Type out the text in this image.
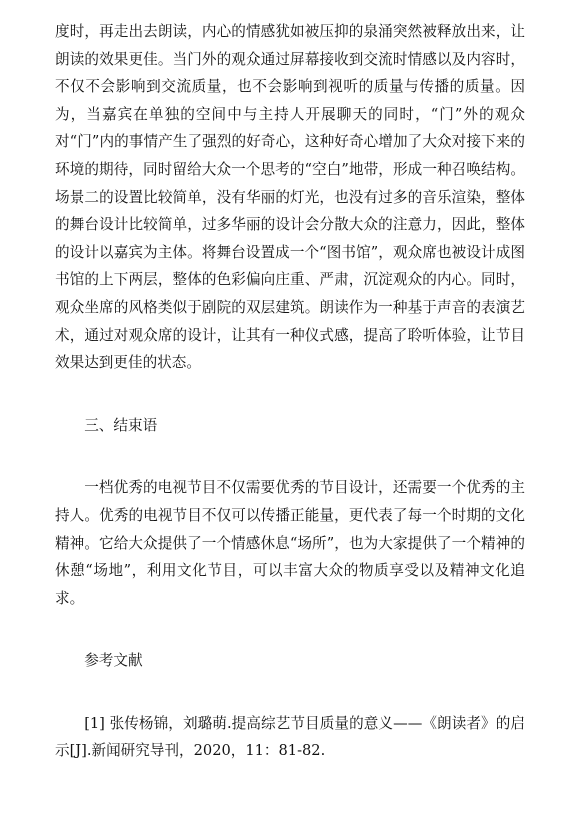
度时，再走出去朗读，内心的情感犹如被压抑的泉涌突然被释放出来，让朗读的效果更佳。当门外的观众通过屏幕接收到交流时情感以及内容时，不仅不会影响到交流质量，也不会影响到视听的质量与传播的质量。因为，当嘉宾在单独的空间中与主持人开展聊天的同时，“门”外的观众对“门”内的事情产生了强烈的好奇心，这种好奇心增加了大众对接下来的环境的期待，同时留给大众一个思考的“空白”地带，形成一种召唤结构。场景二的设置比较简单，没有华丽的灯光，也没有过多的音乐渲染，整体的舞台设计比较简单，过多华丽的设计会分散大众的注意力，因此，整体的设计以嘉宾为主体。将舞台设置成一个“图书馆”，观众席也被设计成图书馆的上下两层，整体的色彩偏向庄重、严肃，沉淀观众的内心。同时，观众坐席的风格类似于剧院的双层建筑。朗读作为一种基于声音的表演艺术，通过对观众席的设计，让其有一种仪式感，提高了聆听体验，让节目效果达到更佳的状态。

三、结束语

一档优秀的电视节目不仅需要优秀的节目设计，还需要一个优秀的主持人。优秀的电视节目不仅可以传播正能量，更代表了每一个时期的文化精神。它给大众提供了一个情感休息“场所”，也为大家提供了一个精神的休憩“场地”，利用文化节目，可以丰富大众的物质享受以及精神文化追求。

参考文献

[1] 张传杨锦，刘璐萌.提高综艺节目质量的意义——《朗读者》的启示[J].新闻研究导刊，2020，11：81-82.
